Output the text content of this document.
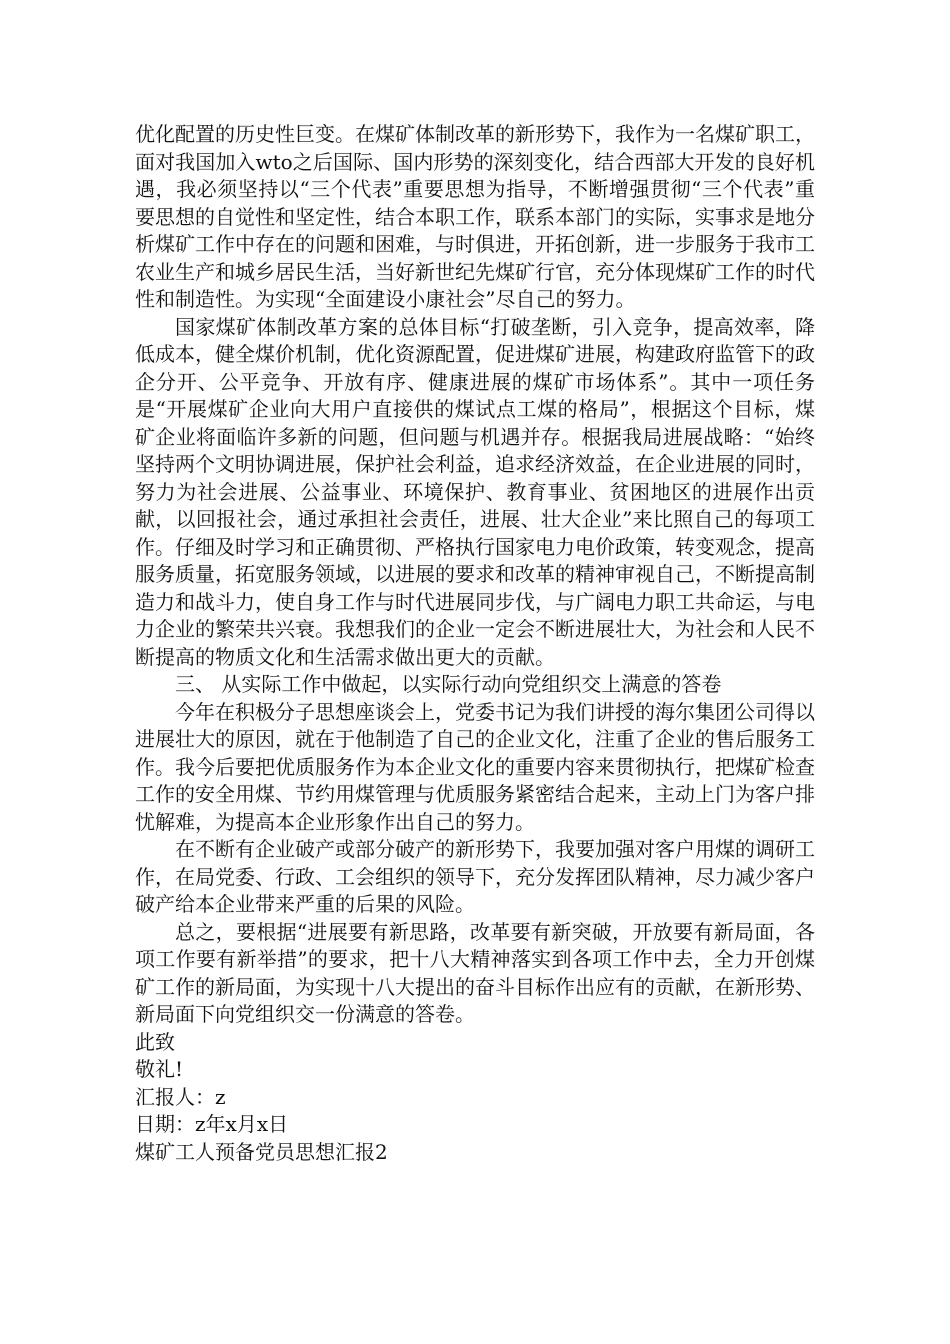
优化配置的历史性巨变。在煤矿体制改革的新形势下，我作为一名煤矿职工，面对我国加入wto之后国际、国内形势的深刻变化，结合西部大开发的良好机遇，我必须坚持以“三个代表”重要思想为指导，不断增强贯彻“三个代表”重要思想的自觉性和坚定性，结合本职工作，联系本部门的实际，实事求是地分析煤矿工作中存在的问题和困难，与时俱进，开拓创新，进一步服务于我市工农业生产和城乡居民生活，当好新世纪先煤矿行官，充分体现煤矿工作的时代性和制造性。为实现“全面建设小康社会”尽自己的努力。

国家煤矿体制改革方案的总体目标“打破垄断，引入竞争，提高效率，降低成本，健全煤价机制，优化资源配置，促进煤矿进展，构建政府监管下的政企分开、公平竞争、开放有序、健康进展的煤矿市场体系”。其中一项任务是“开展煤矿企业向大用户直接供的煤试点工煤的格局”，根据这个目标，煤矿企业将面临许多新的问题，但问题与机遇并存。根据我局进展战略：“始终坚持两个文明协调进展，保护社会利益，追求经济效益，在企业进展的同时，努力为社会进展、公益事业、环境保护、教育事业、贫困地区的进展作出贡献，以回报社会，通过承担社会责任，进展、壮大企业”来比照自己的每项工作。仔细及时学习和正确贯彻、严格执行国家电力电价政策，转变观念，提高服务质量，拓宽服务领域，以进展的要求和改革的精神审视自己，不断提高制造力和战斗力，使自身工作与时代进展同步伐，与广阔电力职工共命运，与电力企业的繁荣共兴衰。我想我们的企业一定会不断进展壮大，为社会和人民不断提高的物质文化和生活需求做出更大的贡献。

三、 从实际工作中做起，以实际行动向党组织交上满意的答卷

今年在积极分子思想座谈会上，党委书记为我们讲授的海尔集团公司得以进展壮大的原因，就在于他制造了自己的企业文化，注重了企业的售后服务工作。我今后要把优质服务作为本企业文化的重要内容来贯彻执行，把煤矿检查工作的安全用煤、节约用煤管理与优质服务紧密结合起来，主动上门为客户排忧解难，为提高本企业形象作出自己的努力。

在不断有企业破产或部分破产的新形势下，我要加强对客户用煤的调研工作，在局党委、行政、工会组织的领导下，充分发挥团队精神，尽力减少客户破产给本企业带来严重的后果的风险。

总之，要根据“进展要有新思路，改革要有新突破，开放要有新局面，各项工作要有新举措”的要求，把十八大精神落实到各项工作中去，全力开创煤矿工作的新局面，为实现十八大提出的奋斗目标作出应有的贡献，在新形势、新局面下向党组织交一份满意的答卷。

此致

敬礼!

汇报人：z

日期：z年x月x日

煤矿工人预备党员思想汇报2
